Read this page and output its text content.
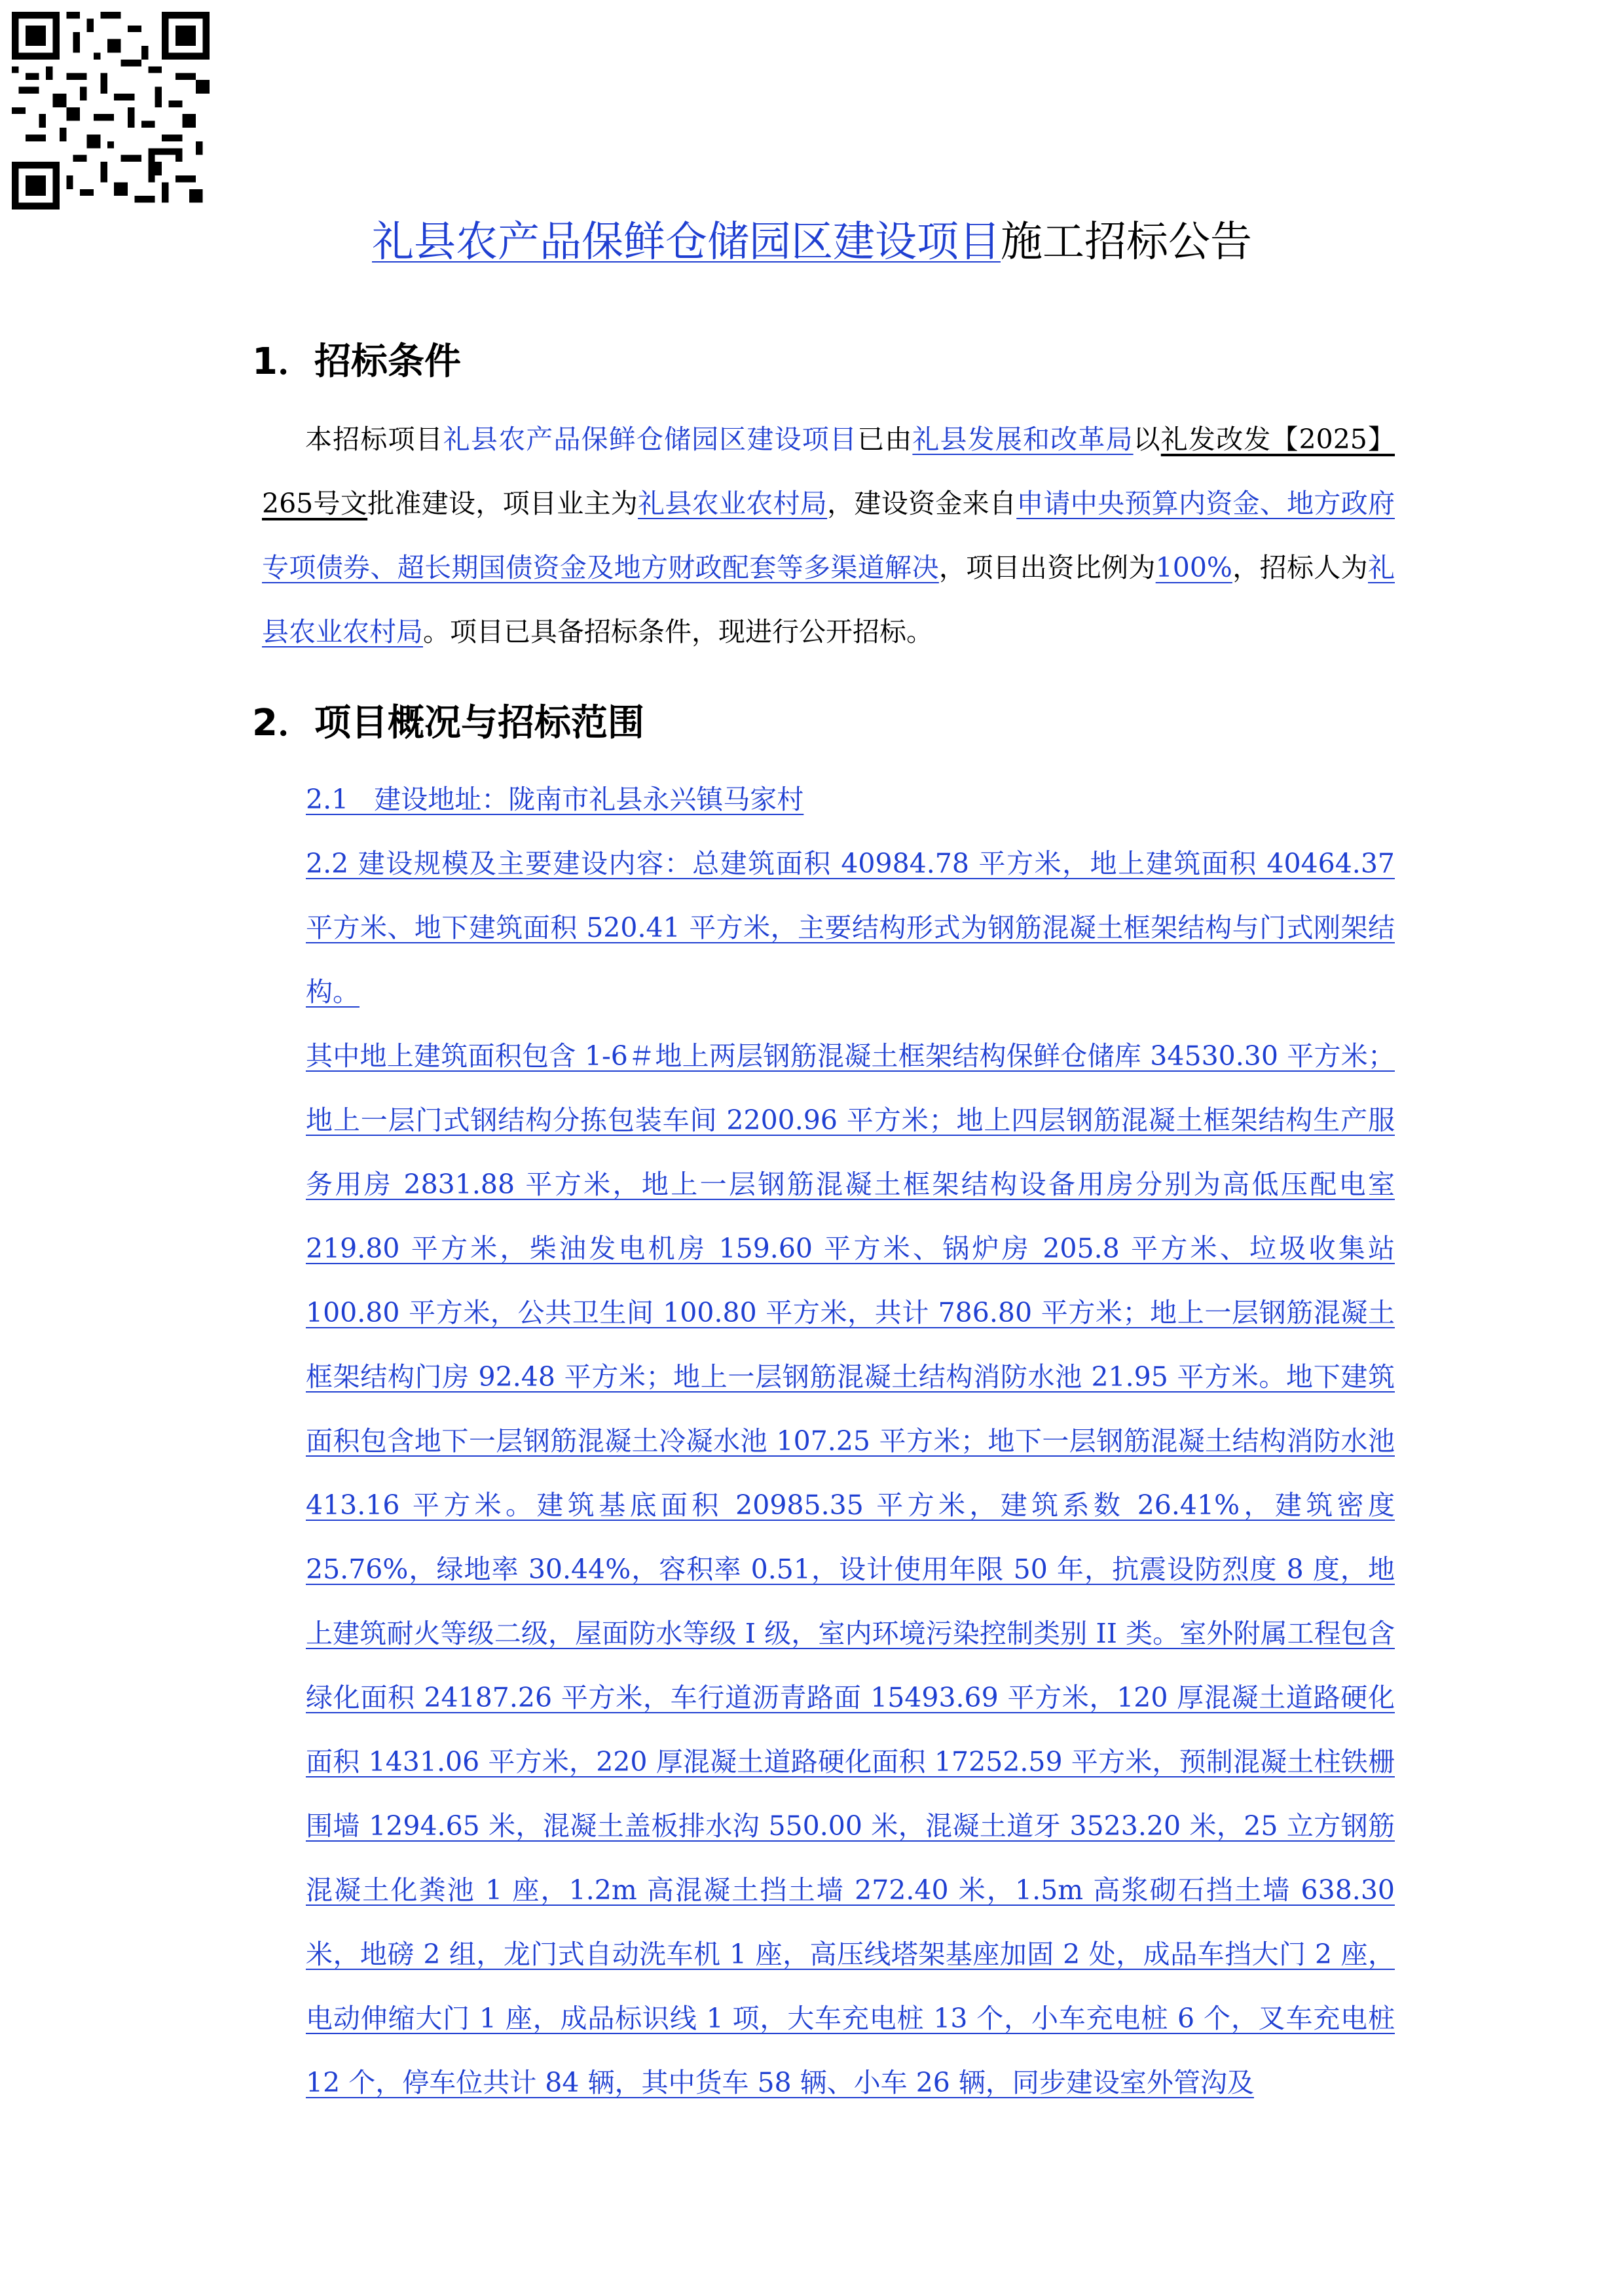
礼县农产品保鲜仓储园区建设项目施工招标公告
1．招标条件
本招标项目礼县农产品保鲜仓储园区建设项目已由礼县发展和改革局以礼发改发【2025】265号文批准建设，项目业主为礼县农业农村局，建设资金来自申请中央预算内资金、地方政府专项债券、超长期国债资金及地方财政配套等多渠道解决，项目出资比例为100%，招标人为礼县农业农村局。项目已具备招标条件，现进行公开招标。
2．项目概况与招标范围
2.1   建设地址：陇南市礼县永兴镇马家村
2.2 建设规模及主要建设内容：总建筑面积 40984.78 平方米，地上建筑面积 40464.37 平方米、地下建筑面积 520.41 平方米，主要结构形式为钢筋混凝土框架结构与门式刚架结构。
其中地上建筑面积包含 1-6＃地上两层钢筋混凝土框架结构保鲜仓储库 34530.30 平方米；地上一层门式钢结构分拣包装车间 2200.96 平方米；地上四层钢筋混凝土框架结构生产服务用房 2831.88 平方米，地上一层钢筋混凝土框架结构设备用房分别为高低压配电室 219.80 平方米，柴油发电机房 159.60 平方米、锅炉房 205.8 平方米、垃圾收集站 100.80 平方米，公共卫生间 100.80 平方米，共计 786.80 平方米；地上一层钢筋混凝土框架结构门房 92.48 平方米；地上一层钢筋混凝土结构消防水池 21.95 平方米。地下建筑面积包含地下一层钢筋混凝土冷凝水池 107.25 平方米；地下一层钢筋混凝土结构消防水池 413.16 平方米。建筑基底面积 20985.35 平方米，建筑系数 26.41%，建筑密度 25.76%，绿地率 30.44%，容积率 0.51，设计使用年限 50 年，抗震设防烈度 8 度，地上建筑耐火等级二级，屋面防水等级 I 级，室内环境污染控制类别 II 类。室外附属工程包含绿化面积 24187.26 平方米，车行道沥青路面 15493.69 平方米，120 厚混凝土道路硬化面积 1431.06 平方米，220 厚混凝土道路硬化面积 17252.59 平方米，预制混凝土柱铁栅围墙 1294.65 米，混凝土盖板排水沟 550.00 米，混凝土道牙 3523.20 米，25 立方钢筋混凝土化粪池 1 座，1.2m 高混凝土挡土墙 272.40 米，1.5m 高浆砌石挡土墙 638.30 米，地磅 2 组，龙门式自动洗车机 1 座，高压线塔架基座加固 2 处，成品车挡大门 2 座，电动伸缩大门 1 座，成品标识线 1 项，大车充电桩 13 个，小车充电桩 6 个，叉车充电桩 12 个，停车位共计 84 辆，其中货车 58 辆、小车 26 辆，同步建设室外管沟及
